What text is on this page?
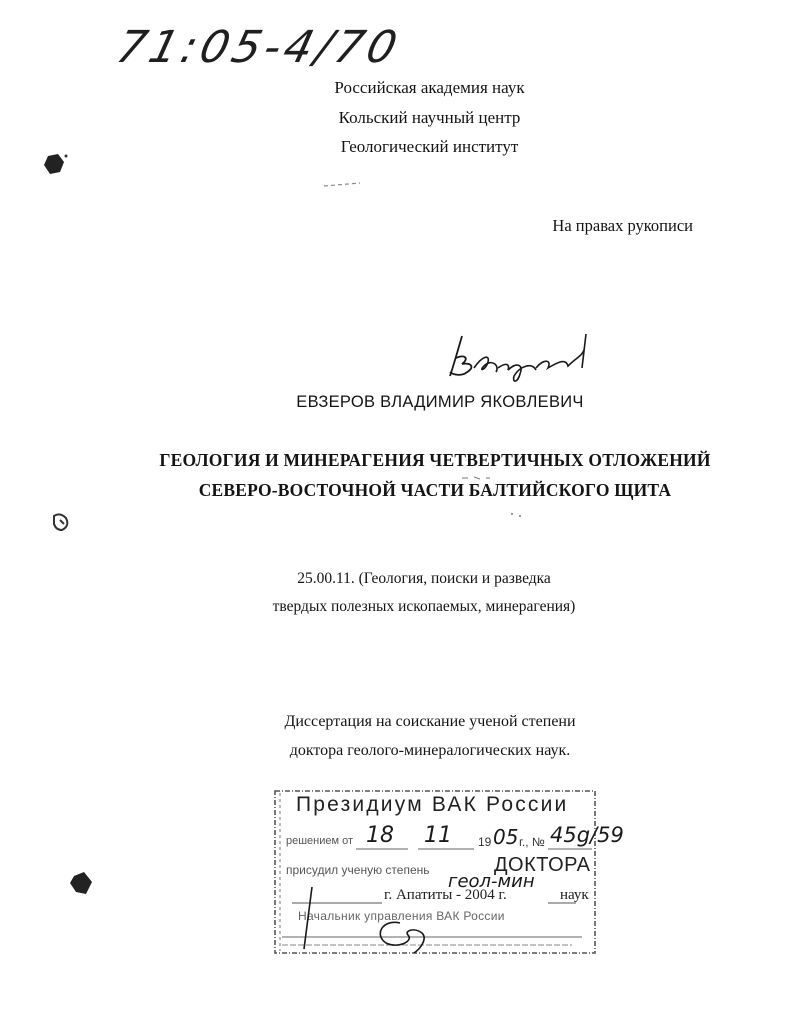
71:05-4/70
Российская академия наук
Кольский научный центр
Геологический институт
На правах рукописи
ЕВЗЕРОВ ВЛАДИМИР ЯКОВЛЕВИЧ
ГЕОЛОГИЯ И МИНЕРАГЕНИЯ ЧЕТВЕРТИЧНЫХ ОТЛОЖЕНИЙ
СЕВЕРО-ВОСТОЧНОЙ ЧАСТИ БАЛТИЙСКОГО ЩИТА
25.00.11. (Геология, поиски и разведка
твердых полезных ископаемых, минерагения)
Диссертация на соискание ученой степени
доктора геолого-минералогических наук.
Президиум ВАК России
решением от 18 11 19 05 г., № 45g/59
присудил ученую степень	ДОКТОРА
геол-мин
г. Апатиты - 2004 г.	наук
Начальник управления ВАК России
